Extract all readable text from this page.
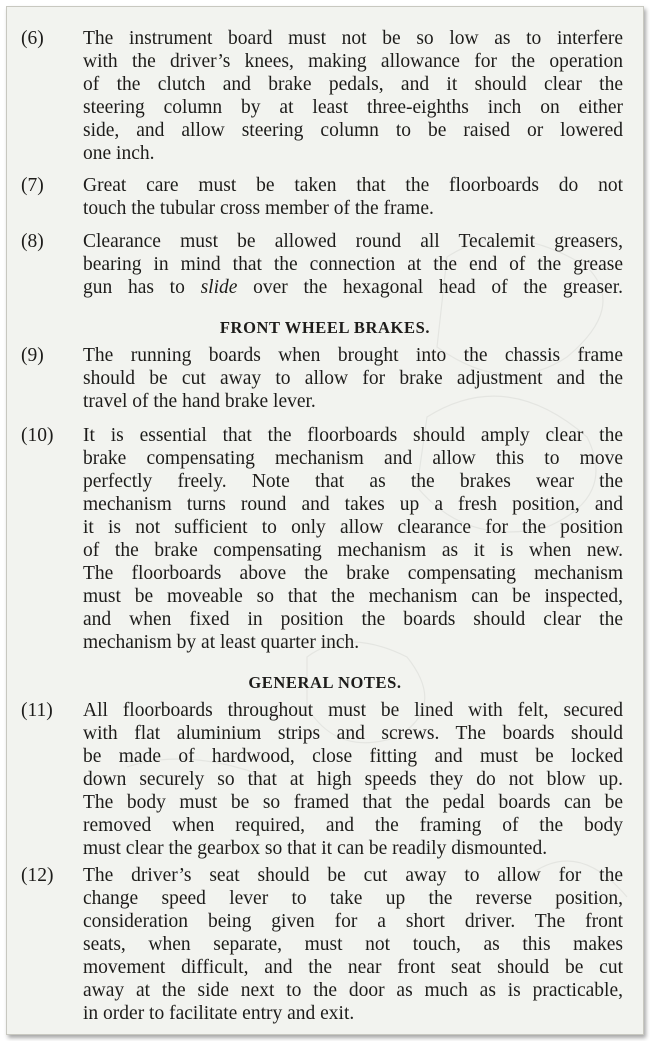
(6)	The instrument board must not be so low as to interfere
with the driver’s knees, making allowance for the operation
of the clutch and brake pedals, and it should clear the
steering column by at least three-eighths inch on either
side, and allow steering column to be raised or lowered
one inch.
(7)	Great care must be taken that the floorboards do not
touch the tubular cross member of the frame.
(8)	Clearance must be allowed round all Tecalemit greasers,
bearing in mind that the connection at the end of the grease
gun has to slide over the hexagonal head of the greaser.
FRONT WHEEL BRAKES.
(9)	The running boards when brought into the chassis frame
should be cut away to allow for brake adjustment and the
travel of the hand brake lever.
(10)	It is essential that the floorboards should amply clear the
brake compensating mechanism and allow this to move
perfectly freely. Note that as the brakes wear the
mechanism turns round and takes up a fresh position, and
it is not sufficient to only allow clearance for the position
of the brake compensating mechanism as it is when new.
The floorboards above the brake compensating mechanism
must be moveable so that the mechanism can be inspected,
and when fixed in position the boards should clear the
mechanism by at least quarter inch.
GENERAL NOTES.
(11)	All floorboards throughout must be lined with felt, secured
with flat aluminium strips and screws. The boards should
be made of hardwood, close fitting and must be locked
down securely so that at high speeds they do not blow up.
The body must be so framed that the pedal boards can be
removed when required, and the framing of the body
must clear the gearbox so that it can be readily dismounted.
(12)	The driver’s seat should be cut away to allow for the
change speed lever to take up the reverse position,
consideration being given for a short driver. The front
seats, when separate, must not touch, as this makes
movement difficult, and the near front seat should be cut
away at the side next to the door as much as is practicable,
in order to facilitate entry and exit.
